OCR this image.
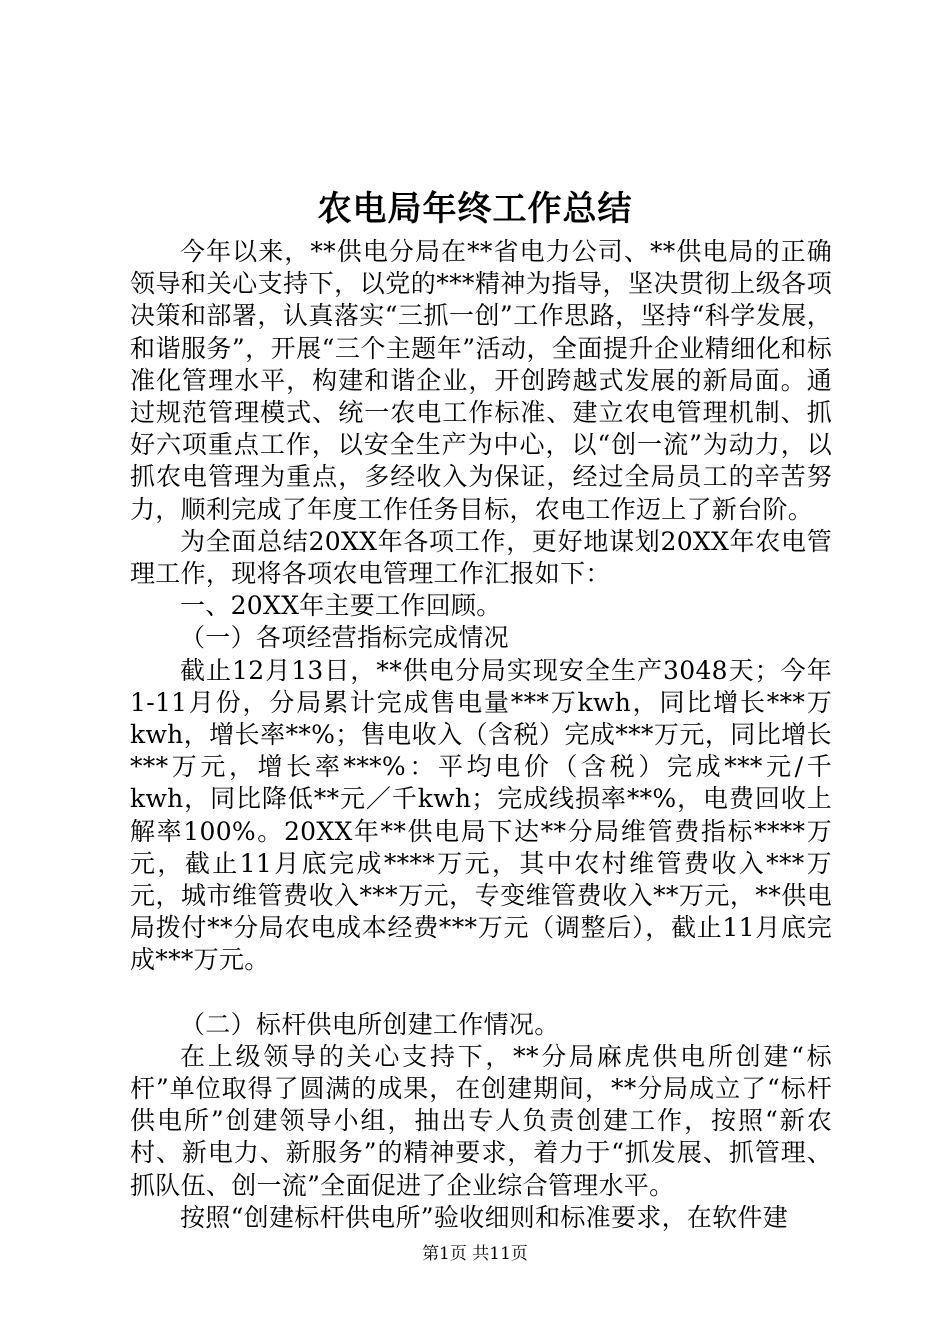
农电局年终工作总结

今年以来，**供电分局在**省电力公司、**供电局的正确领导和关心支持下，以党的***精神为指导，坚决贯彻上级各项决策和部署，认真落实“三抓一创”工作思路，坚持“科学发展，和谐服务”，开展“三个主题年”活动，全面提升企业精细化和标准化管理水平，构建和谐企业，开创跨越式发展的新局面。通过规范管理模式、统一农电工作标准、建立农电管理机制、抓好六项重点工作，以安全生产为中心，以“创一流”为动力，以抓农电管理为重点，多经收入为保证，经过全局员工的辛苦努力，顺利完成了年度工作任务目标，农电工作迈上了新台阶。

为全面总结20XX年各项工作，更好地谋划20XX年农电管理工作，现将各项农电管理工作汇报如下：

一、20XX年主要工作回顾。

（一）各项经营指标完成情况

截止12月13日，**供电分局实现安全生产3048天；今年1-11月份，分局累计完成售电量***万kwh，同比增长***万kwh，增长率**%；售电收入（含税）完成***万元，同比增长***万元，增长率***%：平均电价（含税）完成***元/千kwh，同比降低**元／千kwh；完成线损率**%，电费回收上解率100%。20XX年**供电局下达**分局维管费指标****万元，截止11月底完成****万元，其中农村维管费收入***万元，城市维管费收入***万元，专变维管费收入**万元，**供电局拨付**分局农电成本经费***万元（调整后），截止11月底完成***万元。

（二）标杆供电所创建工作情况。

在上级领导的关心支持下，**分局麻虎供电所创建“标杆”单位取得了圆满的成果，在创建期间，**分局成立了“标杆供电所”创建领导小组，抽出专人负责创建工作，按照“新农村、新电力、新服务”的精神要求，着力于“抓发展、抓管理、抓队伍、创一流”全面促进了企业综合管理水平。

按照“创建标杆供电所”验收细则和标准要求，在软件建

第1页 共11页
